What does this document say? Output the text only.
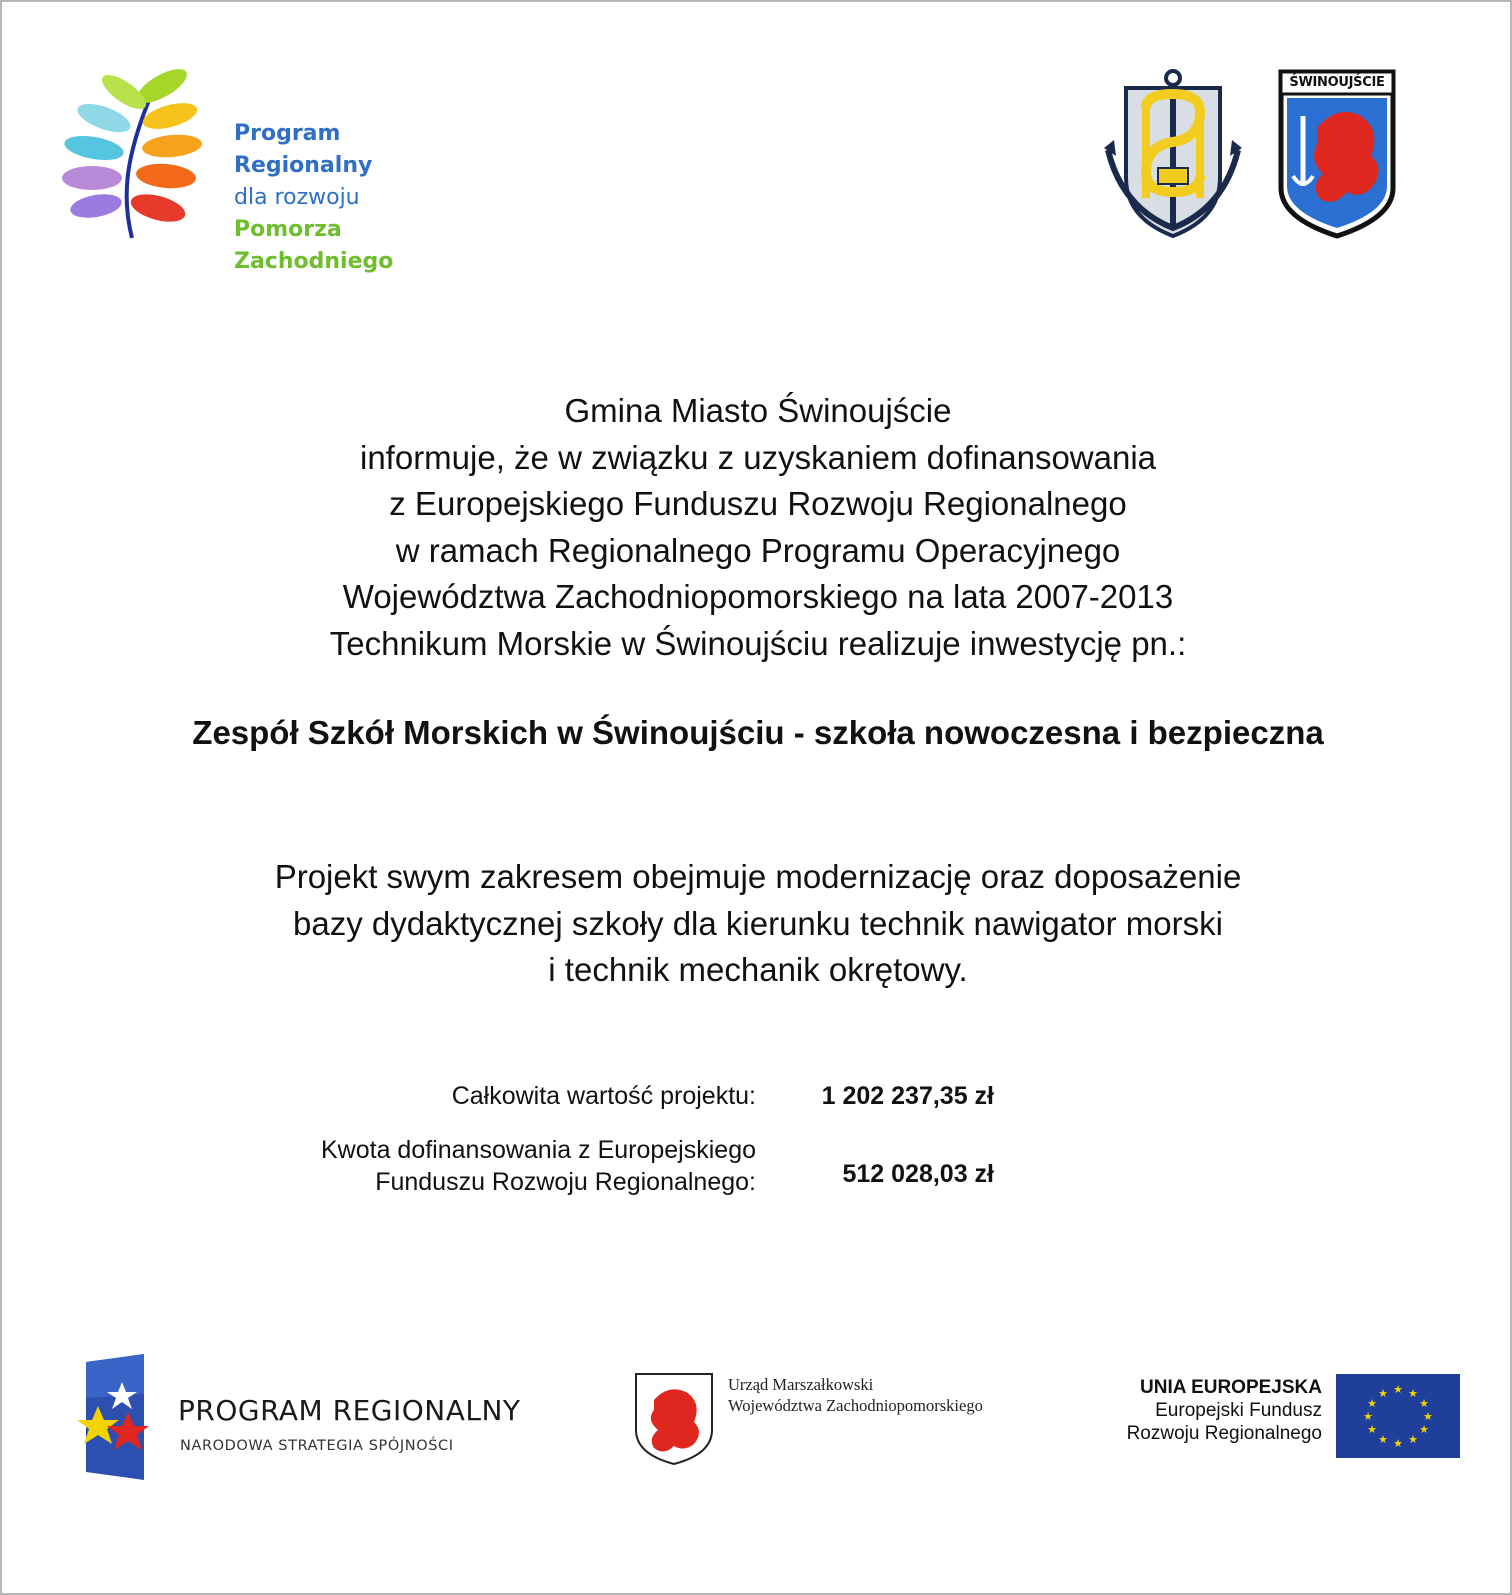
Program Regionalny
dla rozwoju
Pomorza Zachodniego
ŚWINOUJŚCIE
Gmina Miasto Świnoujście
informuje, że w związku z uzyskaniem dofinansowania
z Europejskiego Funduszu Rozwoju Regionalnego
w ramach Regionalnego Programu Operacyjnego
Województwa Zachodniopomorskiego na lata 2007-2013
Technikum Morskie w Świnoujściu realizuje inwestycję pn.:
Zespół Szkół Morskich w Świnoujściu - szkoła nowoczesna i bezpieczna
Projekt swym zakresem obejmuje modernizację oraz doposażenie
bazy dydaktycznej szkoły dla kierunku technik nawigator morski
i technik mechanik okrętowy.
Całkowita wartość projektu:	1 202 237,35 zł
Kwota dofinansowania z Europejskiego
Funduszu Rozwoju Regionalnego:	512 028,03 zł
PROGRAM REGIONALNY
NARODOWA STRATEGIA SPÓJNOŚCI
Urząd Marszałkowski
Województwa Zachodniopomorskiego
UNIA EUROPEJSKA
Europejski Fundusz
Rozwoju Regionalnego
★ ★
★
★
★
★
★
★
★
★
★
★
